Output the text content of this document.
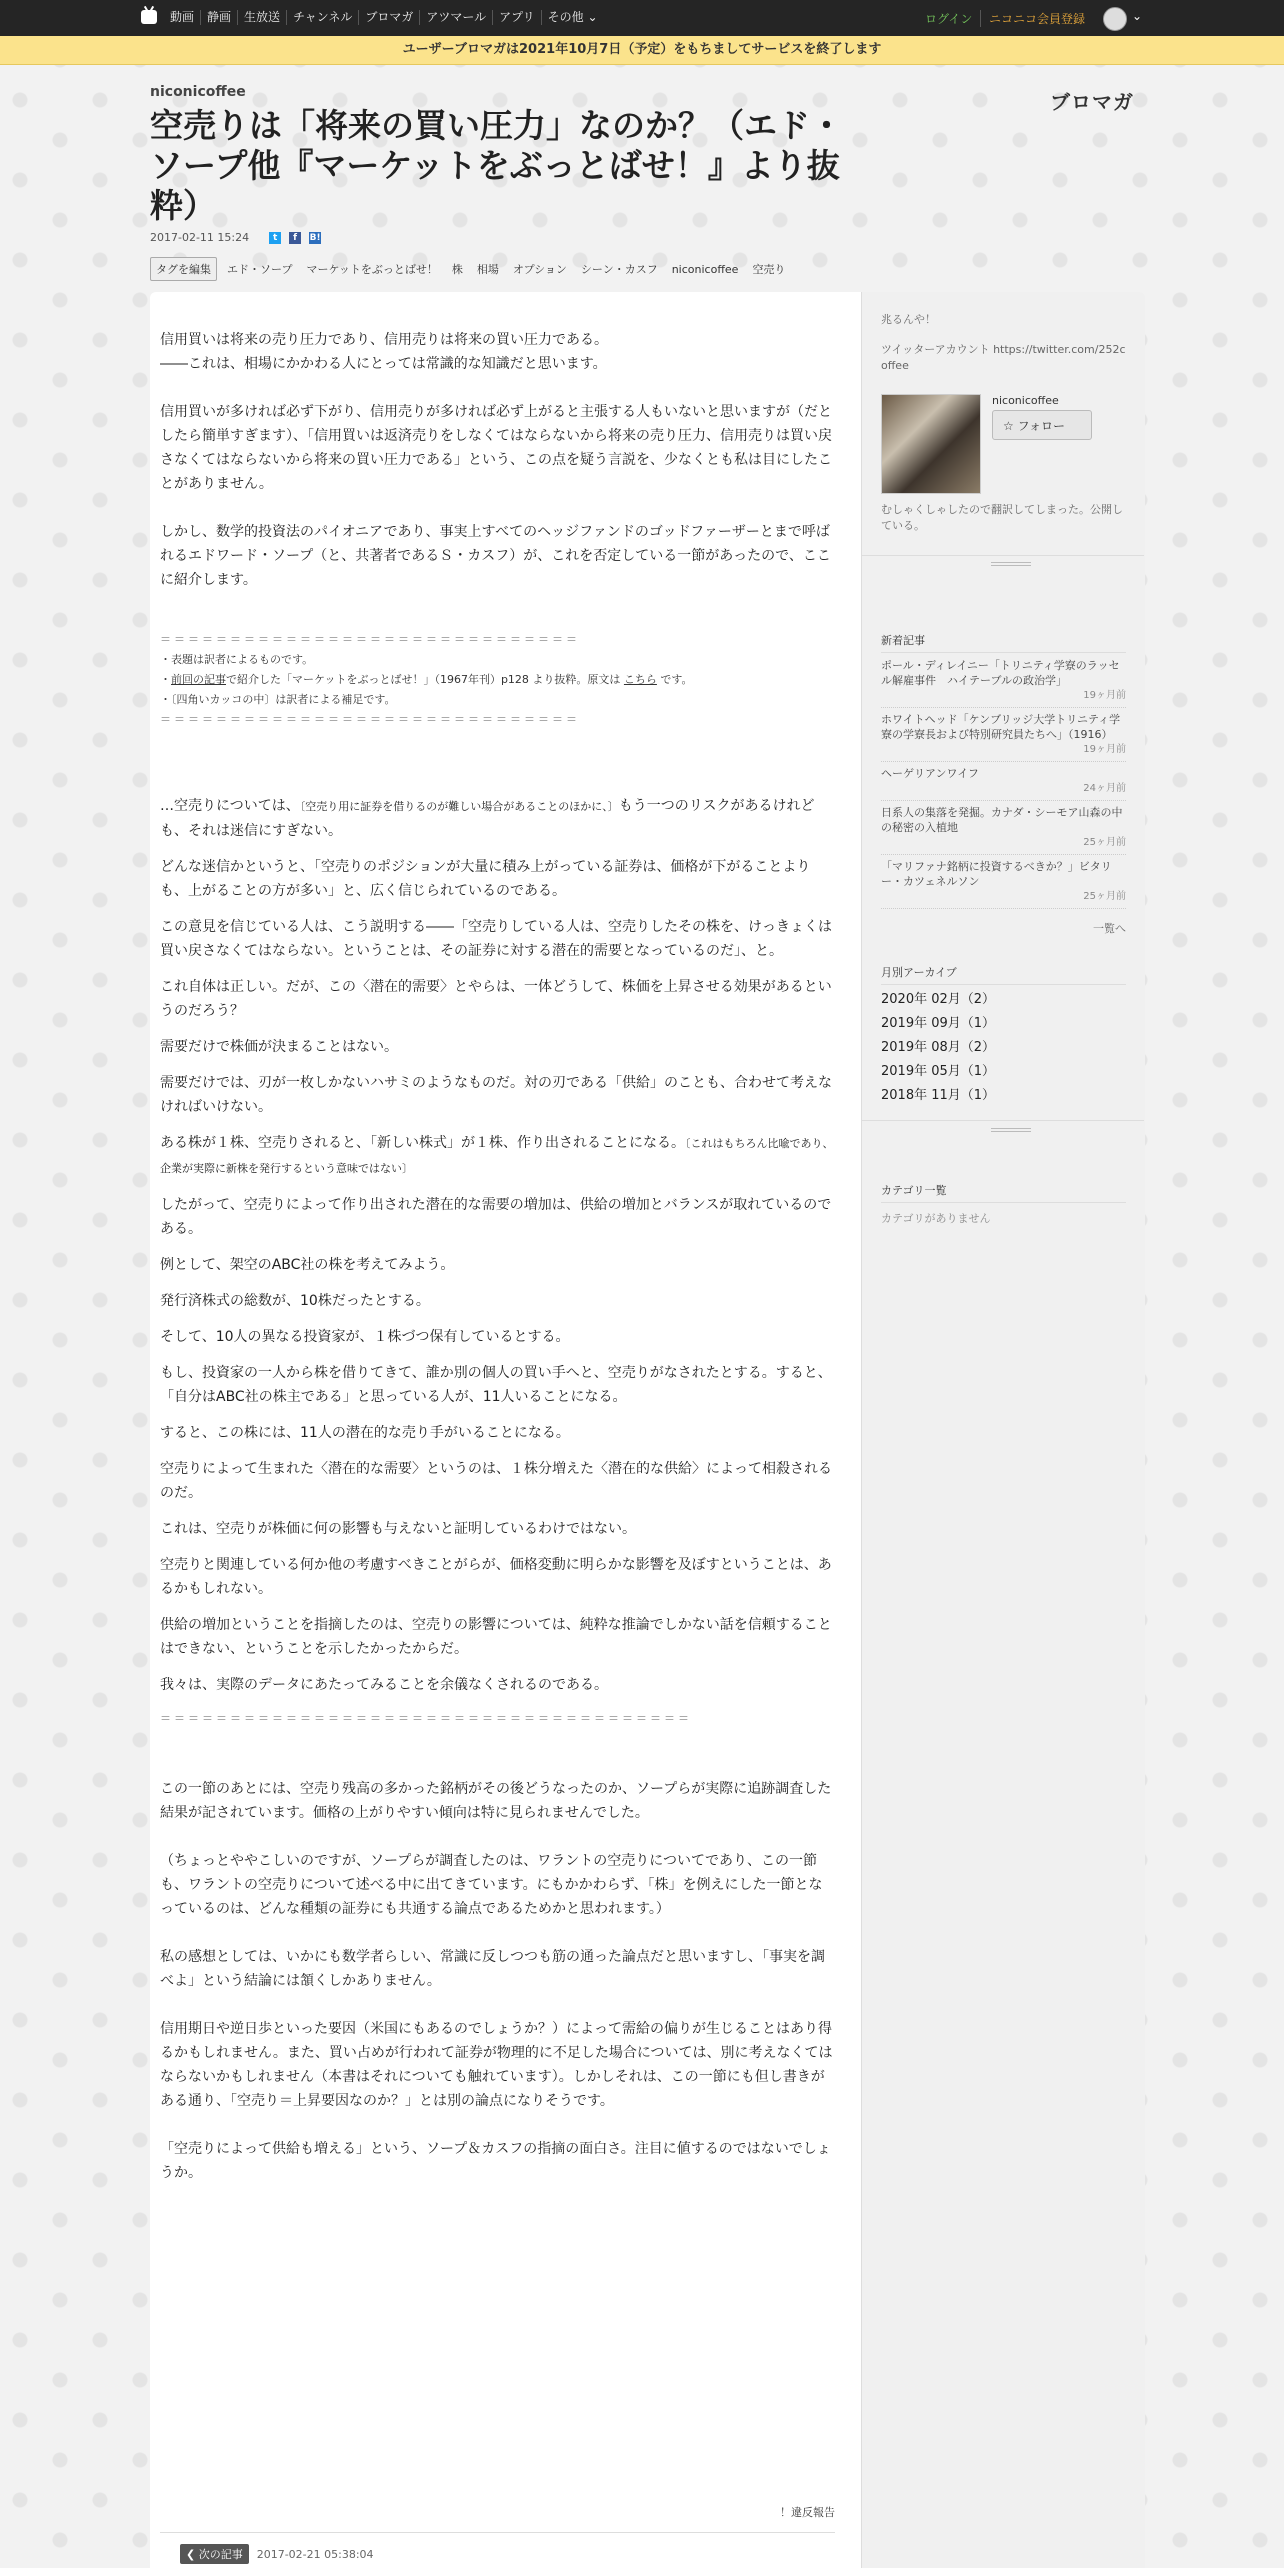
動画	静画	生放送	チャンネル	ブロマガ	アツマール	アプリ	その他 ⌄	ログイン	ニコニコ会員登録	⌄
ユーザーブロマガは2021年10月7日（予定）をもちましてサービスを終了します

niconicoffee

空売りは「将来の買い圧力」なのか？（エド・ソープ他『マーケットをぶっとばせ！』より抜粋）
2017-02-11 15:24	t	f	B!
ブロマガ
タグを編集	エド・ソープ マーケットをぶっとばせ！ 株 相場 オプション シーン・カスフ niconicoffee 空売り

信用買いは将来の売り圧力であり、信用売りは将来の買い圧力である。

――これは、相場にかかわる人にとっては常識的な知識だと思います。

信用買いが多ければ必ず下がり、信用売りが多ければ必ず上がると主張する人もいないと思いますが（だとしたら簡単すぎます）、「信用買いは返済売りをしなくてはならないから将来の売り圧力、信用売りは買い戻さなくてはならないから将来の買い圧力である」という、この点を疑う言説を、少なくとも私は目にしたことがありません。

しかし、数学的投資法のパイオニアであり、事実上すべてのヘッジファンドのゴッドファーザーとまで呼ばれるエドワード・ソープ（と、共著者であるＳ・カスフ）が、これを否定している一節があったので、ここに紹介します。

＝＝＝＝＝＝＝＝＝＝＝＝＝＝＝＝＝＝＝＝＝＝＝＝＝＝＝＝＝＝

・表題は訳者によるものです。

・前回の記事で紹介した「マーケットをぶっとばせ！」（1967年刊）p128 より抜粋。原文は こちら です。

・〔四角いカッコの中〕は訳者による補足です。

＝＝＝＝＝＝＝＝＝＝＝＝＝＝＝＝＝＝＝＝＝＝＝＝＝＝＝＝＝＝

…空売りについては、〔空売り用に証券を借りるのが難しい場合があることのほかに、〕もう一つのリスクがあるけれども、それは迷信にすぎない。

どんな迷信かというと、「空売りのポジションが大量に積み上がっている証券は、価格が下がることよりも、上がることの方が多い」と、広く信じられているのである。

この意見を信じている人は、こう説明する――「空売りしている人は、空売りしたその株を、けっきょくは買い戻さなくてはならない。ということは、その証券に対する潜在的需要となっているのだ」、と。

これ自体は正しい。だが、この〈潜在的需要〉とやらは、一体どうして、株価を上昇させる効果があるというのだろう？

需要だけで株価が決まることはない。

需要だけでは、刃が一枚しかないハサミのようなものだ。対の刃である「供給」のことも、合わせて考えなければいけない。

ある株が１株、空売りされると、「新しい株式」が１株、作り出されることになる。〔これはもちろん比喩であり、企業が実際に新株を発行するという意味ではない〕

したがって、空売りによって作り出された潜在的な需要の増加は、供給の増加とバランスが取れているのである。

例として、架空のABC社の株を考えてみよう。

発行済株式の総数が、10株だったとする。

そして、10人の異なる投資家が、１株づつ保有しているとする。

もし、投資家の一人から株を借りてきて、誰か別の個人の買い手へと、空売りがなされたとする。すると、「自分はABC社の株主である」と思っている人が、11人いることになる。

すると、この株には、11人の潜在的な売り手がいることになる。

空売りによって生まれた〈潜在的な需要〉というのは、１株分増えた〈潜在的な供給〉によって相殺されるのだ。

これは、空売りが株価に何の影響も与えないと証明しているわけではない。

空売りと関連している何か他の考慮すべきことがらが、価格変動に明らかな影響を及ぼすということは、あるかもしれない。

供給の増加ということを指摘したのは、空売りの影響については、純粋な推論でしかない話を信頼することはできない、ということを示したかったからだ。

我々は、実際のデータにあたってみることを余儀なくされるのである。

＝＝＝＝＝＝＝＝＝＝＝＝＝＝＝＝＝＝＝＝＝＝＝＝＝＝＝＝＝＝＝＝＝＝＝＝＝＝

この一節のあとには、空売り残高の多かった銘柄がその後どうなったのか、ソープらが実際に追跡調査した結果が記されています。価格の上がりやすい傾向は特に見られませんでした。

（ちょっとややこしいのですが、ソープらが調査したのは、ワラントの空売りについてであり、この一節も、ワラントの空売りについて述べる中に出てきています。にもかかわらず、「株」を例えにした一節となっているのは、どんな種類の証券にも共通する論点であるためかと思われます。）

私の感想としては、いかにも数学者らしい、常識に反しつつも筋の通った論点だと思いますし、「事実を調べよ」という結論には頷くしかありません。

信用期日や逆日歩といった要因（米国にもあるのでしょうか？）によって需給の偏りが生じることはあり得るかもしれません。また、買い占めが行われて証券が物理的に不足した場合については、別に考えなくてはならないかもしれません（本書はそれについても触れています）。しかしそれは、この一節にも但し書きがある通り、「空売り＝上昇要因なのか？」とは別の論点になりそうです。

「空売りによって供給も増える」という、ソープ＆カスフの指摘の面白さ。注目に値するのではないでしょうか。

！違反報告
❮ 次の記事	2017-02-21 05:38:04
兆るんや！
ツイッターアカウント https://twitter.com/252coffee
niconicoffee
☆ フォロー
むしゃくしゃしたので翻訳してしまった。公開している。
新着記事
ポール・ディレイニー「トリニティ学寮のラッセル解雇事件　ハイテーブルの政治学」
19ヶ月前
ホワイトヘッド「ケンブリッジ大学トリニティ学寮の学寮長および特別研究員たちへ」（1916）
19ヶ月前
ヘーゲリアンワイフ
24ヶ月前
日系人の集落を発掘。カナダ・シーモア山森の中の秘密の入植地
25ヶ月前
「マリファナ銘柄に投資するべきか？」ビタリー・カツェネルソン
25ヶ月前
一覧へ
月別アーカイブ
2020年 02月（2）
2019年 09月（1）
2019年 08月（2）
2019年 05月（1）
2018年 11月（1）
カテゴリ一覧
カテゴリがありません
